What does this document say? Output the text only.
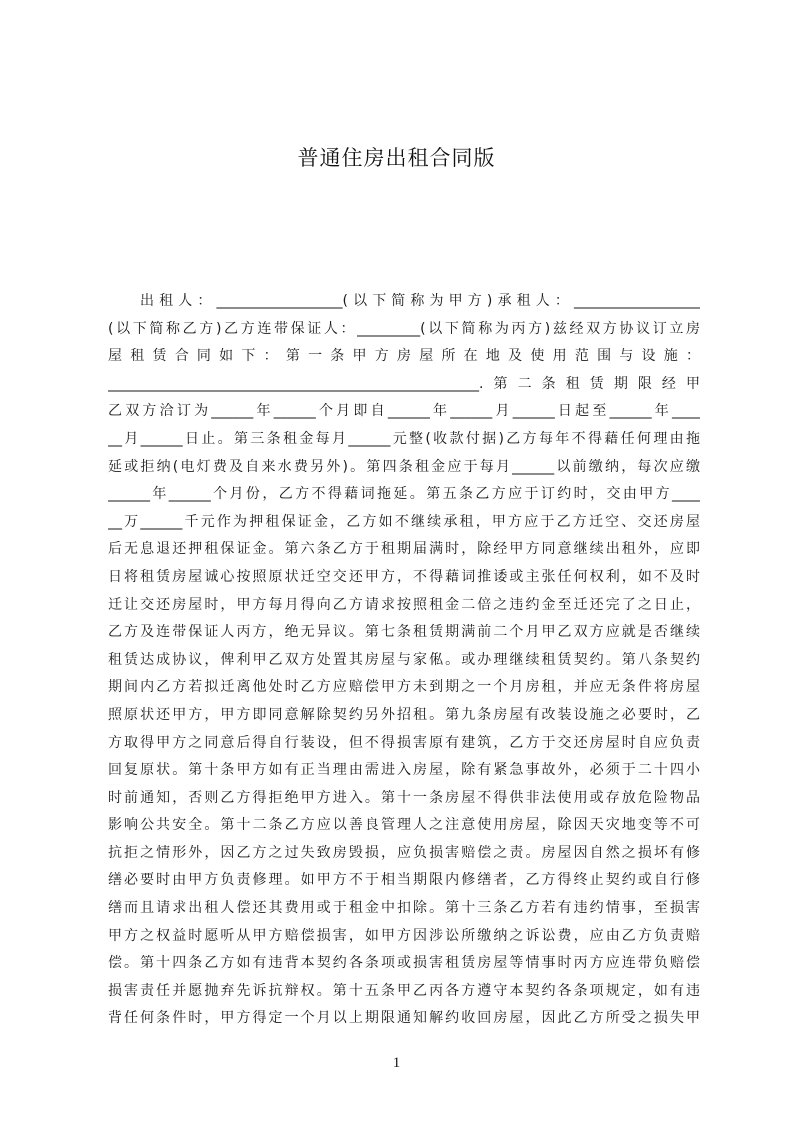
普通住房出租合同版
出租人：__________________(以下简称为甲方)承租人：__________________
(以下简称乙方)乙方连带保证人：_________(以下简称为丙方)兹经双方协议订立房
屋 租 赁 合 同 如 下 ： 第 一 条 甲 方 房 屋 所 在 地 及 使 用 范 围 与 设 施 ：
_____________________________________________________.第二条租赁期限经甲
乙双方洽订为______年______个月即自______年______月______日起至______年____
__月______日止。第三条租金每月______元整(收款付据)乙方每年不得藉任何理由拖
延或拒纳(电灯费及自来水费另外)。第四条租金应于每月______以前缴纳，每次应缴
______年______个月份，乙方不得藉词拖延。第五条乙方应于订约时，交由甲方____
__万______千元作为押租保证金，乙方如不继续承租，甲方应于乙方迁空、交还房屋
后无息退还押租保证金。第六条乙方于租期届满时，除经甲方同意继续出租外，应即
日将租赁房屋诚心按照原状迁空交还甲方，不得藉词推诿或主张任何权利，如不及时
迁让交还房屋时，甲方每月得向乙方请求按照租金二倍之违约金至迁还完了之日止，
乙方及连带保证人丙方，绝无异议。第七条租赁期满前二个月甲乙双方应就是否继续
租赁达成协议，俾利甲乙双方处置其房屋与家俬。或办理继续租赁契约。第八条契约
期间内乙方若拟迁离他处时乙方应赔偿甲方未到期之一个月房租，并应无条件将房屋
照原状还甲方，甲方即同意解除契约另外招租。第九条房屋有改装设施之必要时，乙
方取得甲方之同意后得自行装设，但不得损害原有建筑，乙方于交还房屋时自应负责
回复原状。第十条甲方如有正当理由需进入房屋，除有紧急事故外，必须于二十四小
时前通知，否则乙方得拒绝甲方进入。第十一条房屋不得供非法使用或存放危险物品
影响公共安全。第十二条乙方应以善良管理人之注意使用房屋，除因天灾地变等不可
抗拒之情形外，因乙方之过失致房毁损，应负损害赔偿之责。房屋因自然之损坏有修
缮必要时由甲方负责修理。如甲方不于相当期限内修缮者，乙方得终止契约或自行修
缮而且请求出租人偿还其费用或于租金中扣除。第十三条乙方若有违约情事，至损害
甲方之权益时愿听从甲方赔偿损害，如甲方因涉讼所缴纳之诉讼费，应由乙方负责赔
偿。第十四条乙方如有违背本契约各条项或损害租赁房屋等情事时丙方应连带负赔偿
损害责任并愿抛弃先诉抗辩权。第十五条甲乙丙各方遵守本契约各条项规定，如有违
背任何条件时，甲方得定一个月以上期限通知解约收回房屋，因此乙方所受之损失甲
1
